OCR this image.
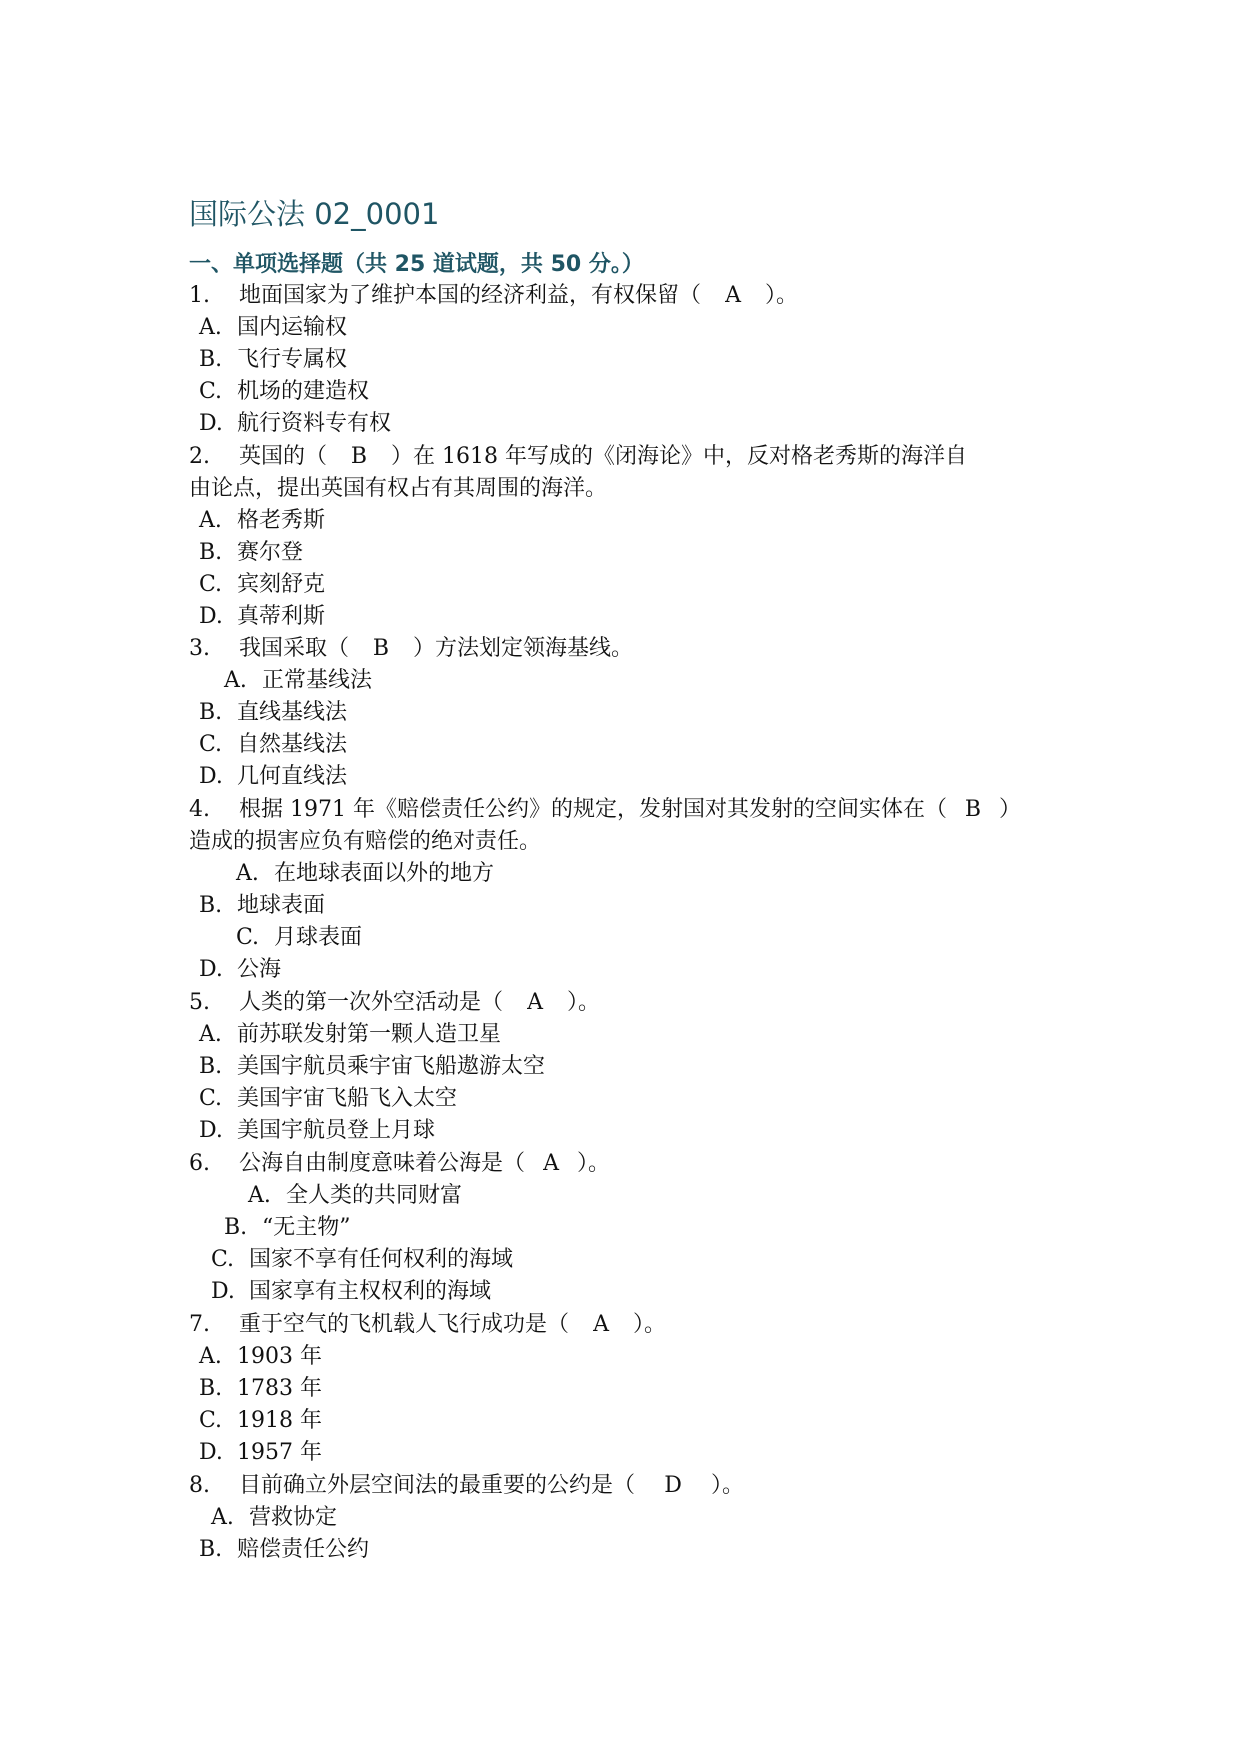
国际公法 02_0001
一、单项选择题（共 25 道试题，共 50 分。）
1. 地面国家为了维护本国的经济利益，有权保留（ A ）。
A. 国内运输权
B. 飞行专属权
C. 机场的建造权
D. 航行资料专有权
2. 英国的（ B ）在 1618 年写成的《闭海论》中，反对格老秀斯的海洋自
由论点，提出英国有权占有其周围的海洋。
A. 格老秀斯
B. 赛尔登
C. 宾刻舒克
D. 真蒂利斯
3. 我国采取（ B ）方法划定领海基线。
A. 正常基线法
B. 直线基线法
C. 自然基线法
D. 几何直线法
4. 根据 1971 年《赔偿责任公约》的规定，发射国对其发射的空间实体在（ B ）
造成的损害应负有赔偿的绝对责任。
A. 在地球表面以外的地方
B. 地球表面
C. 月球表面
D. 公海
5. 人类的第一次外空活动是（ A ）。
A. 前苏联发射第一颗人造卫星
B. 美国宇航员乘宇宙飞船遨游太空
C. 美国宇宙飞船飞入太空
D. 美国宇航员登上月球
6. 公海自由制度意味着公海是（ A ）。
A. 全人类的共同财富
B. “无主物”
C. 国家不享有任何权利的海域
D. 国家享有主权权利的海域
7. 重于空气的飞机载人飞行成功是（ A ）。
A. 1903 年
B. 1783 年
C. 1918 年
D. 1957 年
8. 目前确立外层空间法的最重要的公约是（ D ）。
A. 营救协定
B. 赔偿责任公约
